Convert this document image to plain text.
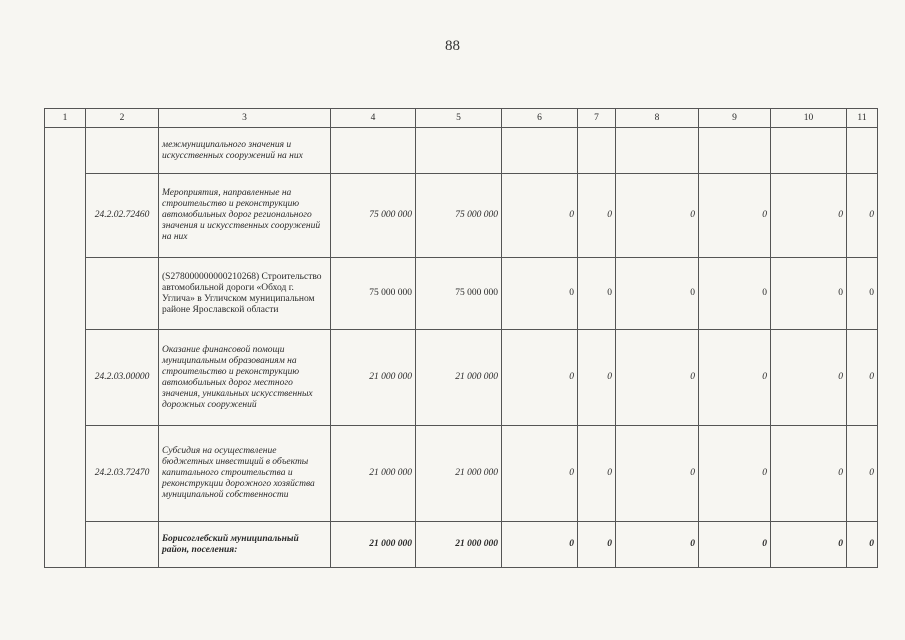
88
1	2	3	4	5	6	7	8	9	10	11
		межмуниципального значения и искусственных сооружений на них								
	24.2.02.72460	Мероприятия, направленные на строительство и реконструкцию автомобильных дорог регионального значения и искусственных сооружений на них	75 000 000	75 000 000	0	0	0	0	0	0
		(S278000000000210268) Строительство автомобильной дороги «Обход г. Углича» в Угличском муниципальном районе Ярославской области	75 000 000	75 000 000	0	0	0	0	0	0
	24.2.03.00000	Оказание финансовой помощи муниципальным образованиям на строительство и реконструкцию автомобильных дорог местного значения, уникальных искусственных дорожных сооружений	21 000 000	21 000 000	0	0	0	0	0	0
	24.2.03.72470	Субсидия на осуществление бюджетных инвестиций в объекты капитального строительства и реконструкции дорожного хозяйства муниципальной собственности	21 000 000	21 000 000	0	0	0	0	0	0
		Борисоглебский муниципальный район, поселения:	21 000 000	21 000 000	0	0	0	0	0	0
